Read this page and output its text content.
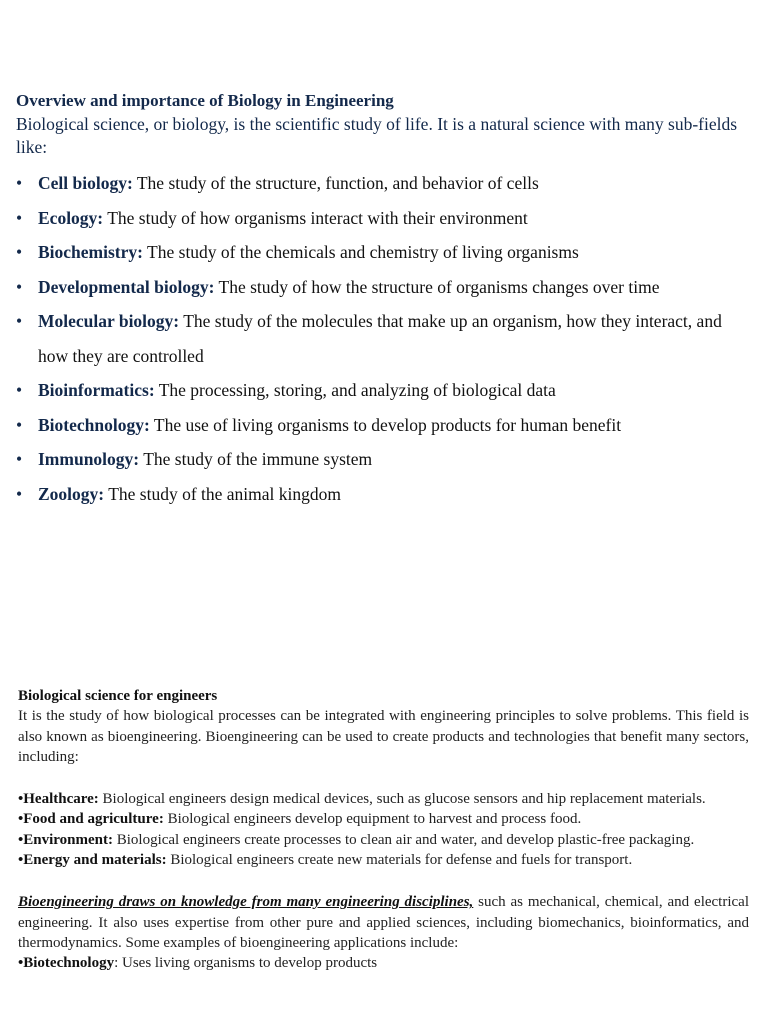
Overview and importance of Biology in Engineering
Biological science, or biology, is the scientific study of life. It is a natural science with many sub-fields like:
• Cell biology: The study of the structure, function, and behavior of cells
• Ecology: The study of how organisms interact with their environment
• Biochemistry: The study of the chemicals and chemistry of living organisms
• Developmental biology: The study of how the structure of organisms changes over time
• Molecular biology: The study of the molecules that make up an organism, how they interact, and how they are controlled
• Bioinformatics: The processing, storing, and analyzing of biological data
• Biotechnology: The use of living organisms to develop products for human benefit
• Immunology: The study of the immune system
• Zoology: The study of the animal kingdom
Biological science for engineers

It is the study of how biological processes can be integrated with engineering principles to solve problems. This field is also known as bioengineering. Bioengineering can be used to create products and technologies that benefit many sectors, including:

•Healthcare: Biological engineers design medical devices, such as glucose sensors and hip replacement materials.

•Food and agriculture: Biological engineers develop equipment to harvest and process food.

•Environment: Biological engineers create processes to clean air and water, and develop plastic-free packaging.

•Energy and materials: Biological engineers create new materials for defense and fuels for transport.

Bioengineering draws on knowledge from many engineering disciplines, such as mechanical, chemical, and electrical engineering. It also uses expertise from other pure and applied sciences, including biomechanics, bioinformatics, and thermodynamics. Some examples of bioengineering applications include:

•Biotechnology: Uses living organisms to develop products
